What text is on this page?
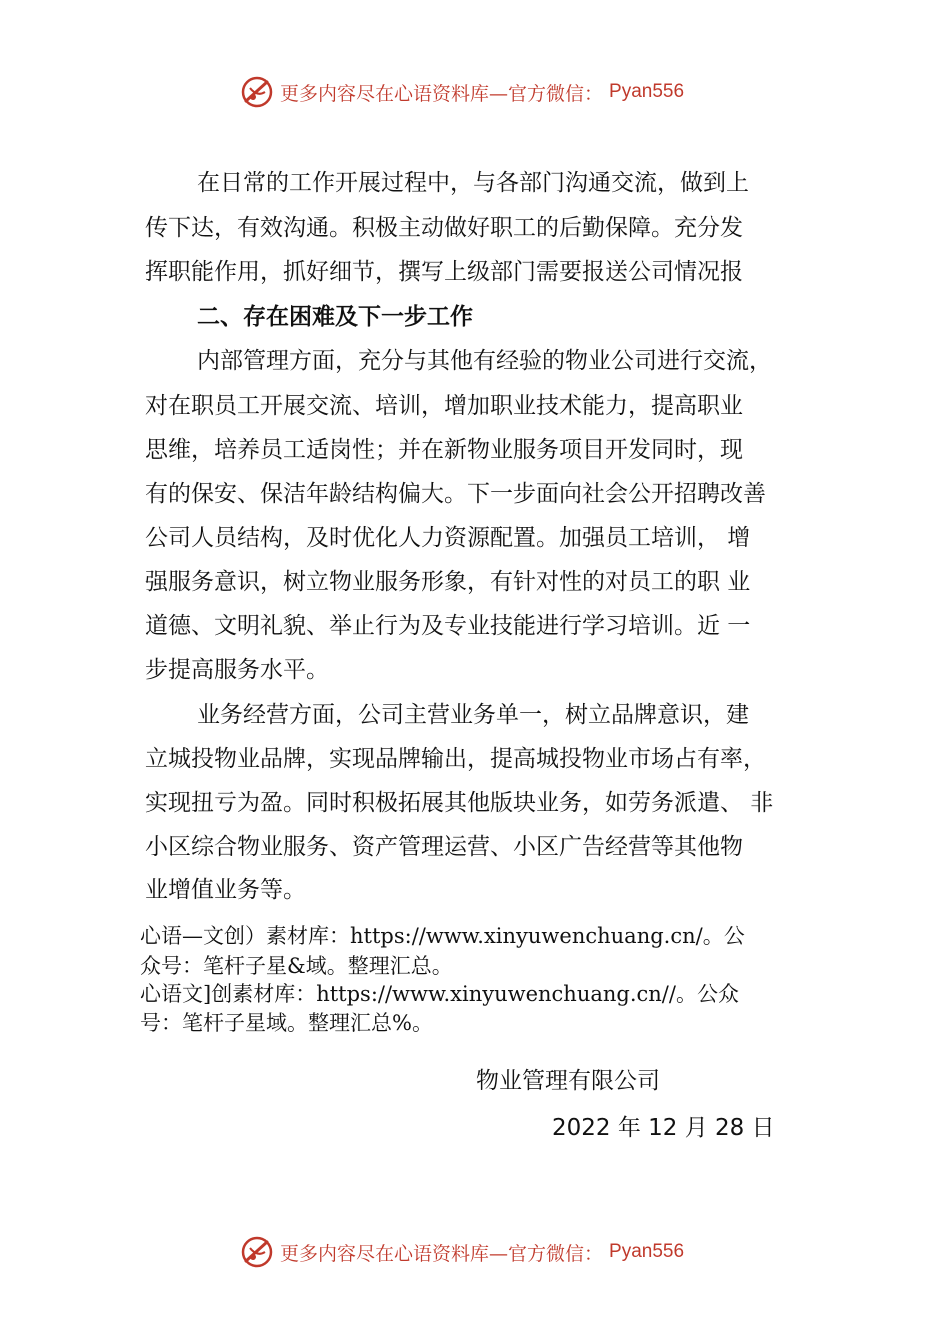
更多内容尽在心语资料库—官方微信： Pyan556
在日常的工作开展过程中，与各部门沟通交流，做到上
传下达，有效沟通。积极主动做好职工的后勤保障。充分发
挥职能作用，抓好细节，撰写上级部门需要报送公司情况报
二、存在困难及下一步工作
内部管理方面，充分与其他有经验的物业公司进行交流，
对在职员工开展交流、培训，增加职业技术能力，提高职业
思维，培养员工适岗性；并在新物业服务项目开发同时，现
有的保安、保洁年龄结构偏大。下一步面向社会公开招聘改善
公司人员结构，及时优化人力资源配置。加强员工培训， 增
强服务意识，树立物业服务形象，有针对性的对员工的职 业
道德、文明礼貌、举止行为及专业技能进行学习培训。近 一
步提高服务水平。
业务经营方面，公司主营业务单一，树立品牌意识，建
立城投物业品牌，实现品牌输出，提高城投物业市场占有率，
实现扭亏为盈。同时积极拓展其他版块业务，如劳务派遣、 非
小区综合物业服务、资产管理运营、小区广告经营等其他物
业增值业务等。
心语—文创）素材库：https://www.xinyuwenchuang.cn/。公
众号：笔杆子星&域。整理汇总。
心语文]创素材库：https://www.xinyuwenchuang.cn//。公众
号：笔杆子星域。整理汇总%。
物业管理有限公司
2022 年 12 月 28 日
更多内容尽在心语资料库—官方微信： Pyan556
